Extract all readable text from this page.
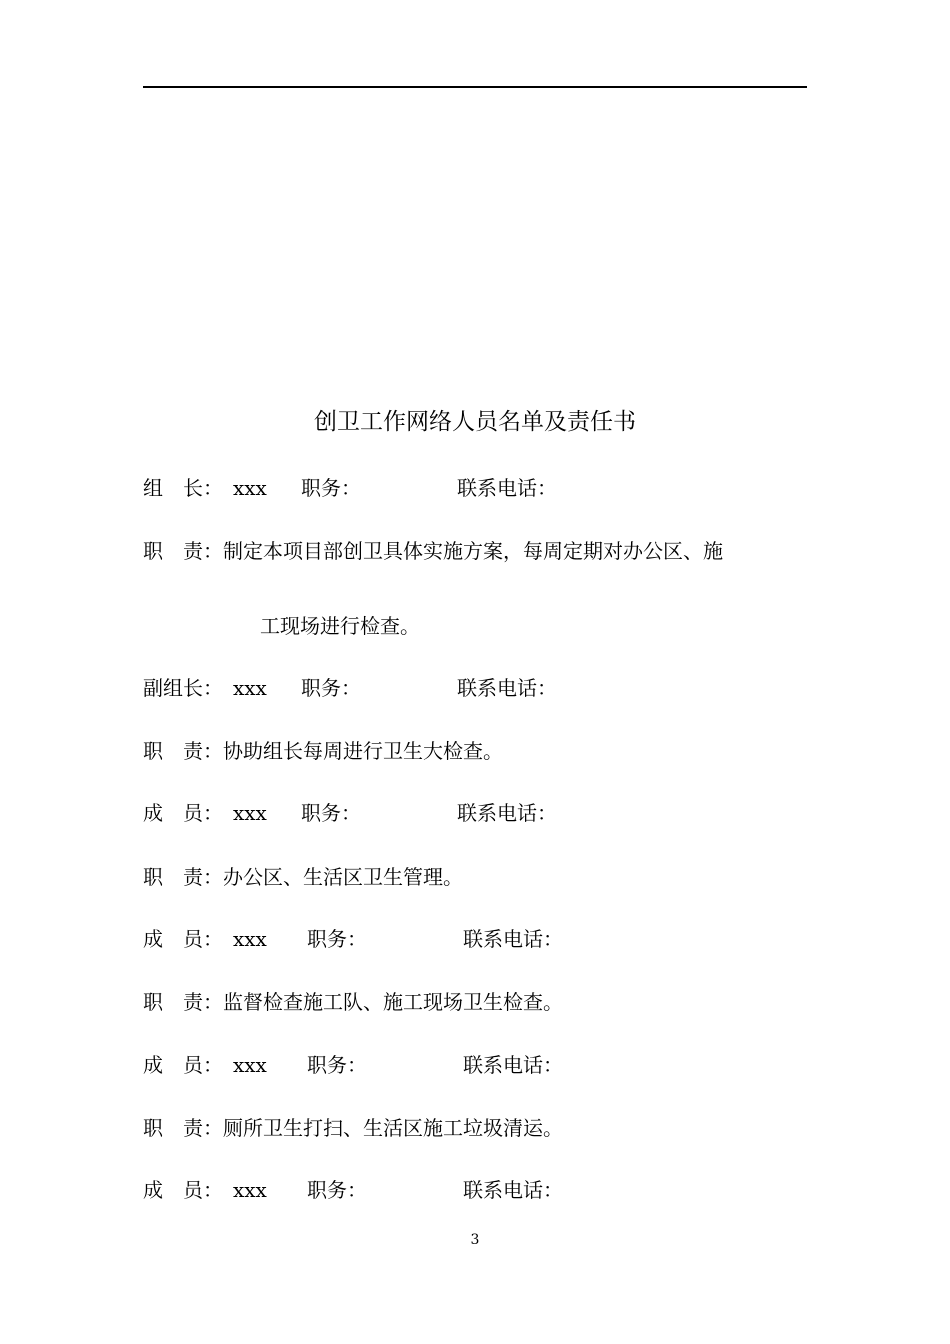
创卫工作网络人员名单及责任书
组　长： xxx 职务：	联系电话：
职　责：制定本项目部创卫具体实施方案，每周定期对办公区、施
工现场进行检查。
副组长： xxx 职务：	联系电话：
职　责：协助组长每周进行卫生大检查。
成　员： xxx 职务：	联系电话：
职　责：办公区、生活区卫生管理。
成　员： xxx 职务：	联系电话：
职　责：监督检查施工队、施工现场卫生检查。
成　员： xxx 职务：	联系电话：
职　责：厕所卫生打扫、生活区施工垃圾清运。
成　员： xxx 职务：	联系电话：
3
